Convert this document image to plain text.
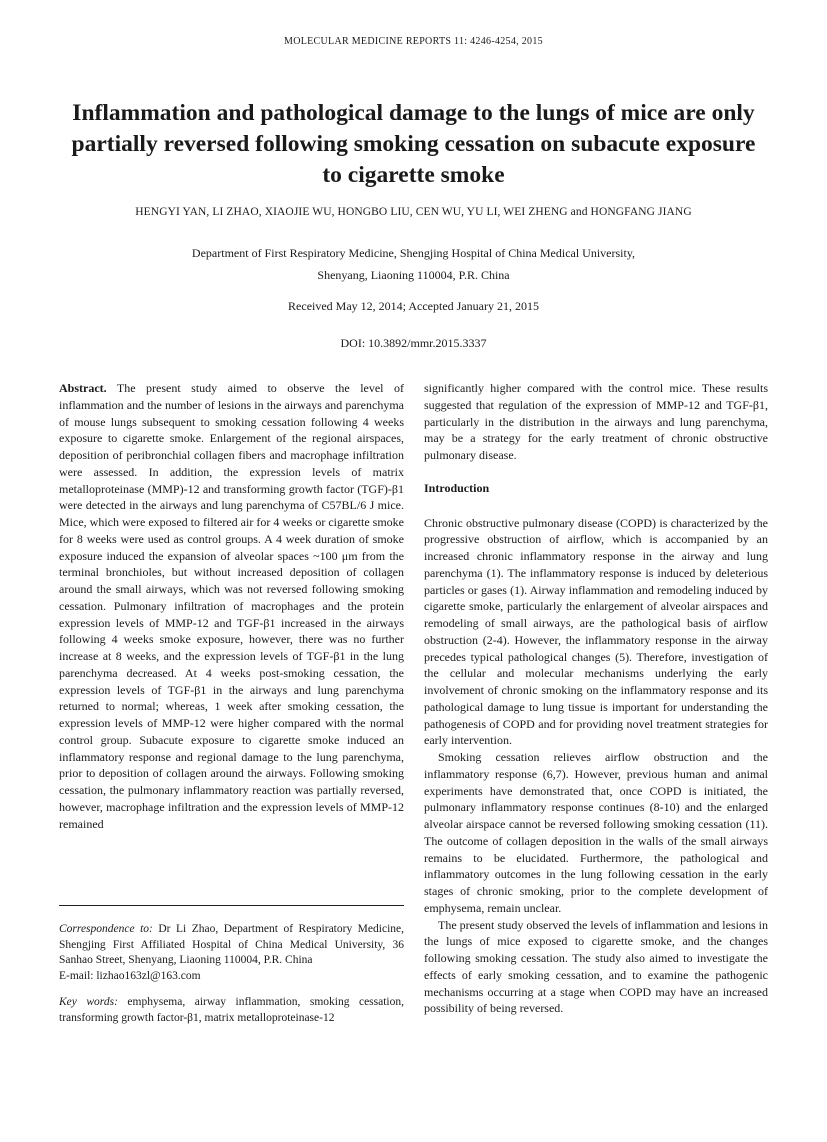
MOLECULAR MEDICINE REPORTS 11: 4246-4254, 2015
Inflammation and pathological damage to the lungs of mice are only partially reversed following smoking cessation on subacute exposure to cigarette smoke
HENGYI YAN, LI ZHAO, XIAOJIE WU, HONGBO LIU, CEN WU, YU LI, WEI ZHENG and HONGFANG JIANG
Department of First Respiratory Medicine, Shengjing Hospital of China Medical University,
Shenyang, Liaoning 110004, P.R. China
Received May 12, 2014; Accepted January 21, 2015
DOI: 10.3892/mmr.2015.3337

Abstract. The present study aimed to observe the level of inflammation and the number of lesions in the airways and parenchyma of mouse lungs subsequent to smoking cessation following 4 weeks exposure to cigarette smoke. Enlargement of the regional airspaces, deposition of peribronchial collagen fibers and macrophage infiltration were assessed. In addition, the expression levels of matrix metalloproteinase (MMP)-12 and transforming growth factor (TGF)-β1 were detected in the airways and lung parenchyma of C57BL/6 J mice. Mice, which were exposed to filtered air for 4 weeks or cigarette smoke for 8 weeks were used as control groups. A 4 week duration of smoke exposure induced the expansion of alveolar spaces ~100 μm from the terminal bronchioles, but without increased deposition of collagen around the small airways, which was not reversed following smoking cessation. Pulmonary infiltration of macrophages and the protein expression levels of MMP-12 and TGF-β1 increased in the airways following 4 weeks smoke exposure, however, there was no further increase at 8 weeks, and the expression levels of TGF-β1 in the lung parenchyma decreased. At 4 weeks post-smoking cessation, the expression levels of TGF-β1 in the airways and lung parenchyma returned to normal; whereas, 1 week after smoking cessation, the expression levels of MMP-12 were higher compared with the normal control group. Subacute exposure to cigarette smoke induced an inflammatory response and regional damage to the lung parenchyma, prior to deposition of collagen around the airways. Following smoking cessation, the pulmonary inflammatory reaction was partially reversed, however, macrophage infiltration and the expression levels of MMP-12 remained

Correspondence to: Dr Li Zhao, Department of Respiratory Medicine, Shengjing First Affiliated Hospital of China Medical University, 36 Sanhao Street, Shenyang, Liaoning 110004, P.R. China

E-mail: lizhao163zl@163.com

Key words: emphysema, airway inflammation, smoking cessation, transforming growth factor-β1, matrix metalloproteinase-12

significantly higher compared with the control mice. These results suggested that regulation of the expression of MMP-12 and TGF-β1, particularly in the distribution in the airways and lung parenchyma, may be a strategy for the early treatment of chronic obstructive pulmonary disease.

Introduction

Chronic obstructive pulmonary disease (COPD) is characterized by the progressive obstruction of airflow, which is accompanied by an increased chronic inflammatory response in the airway and lung parenchyma (1). The inflammatory response is induced by deleterious particles or gases (1). Airway inflammation and remodeling induced by cigarette smoke, particularly the enlargement of alveolar airspaces and remodeling of small airways, are the pathological basis of airflow obstruction (2-4). However, the inflammatory response in the airway precedes typical pathological changes (5). Therefore, investigation of the cellular and molecular mechanisms underlying the early involvement of chronic smoking on the inflammatory response and its pathological damage to lung tissue is important for understanding the pathogenesis of COPD and for providing novel treatment strategies for early intervention.

Smoking cessation relieves airflow obstruction and the inflammatory response (6,7). However, previous human and animal experiments have demonstrated that, once COPD is initiated, the pulmonary inflammatory response continues (8-10) and the enlarged alveolar airspace cannot be reversed following smoking cessation (11). The outcome of collagen deposition in the walls of the small airways remains to be elucidated. Furthermore, the pathological and inflammatory outcomes in the lung following cessation in the early stages of chronic smoking, prior to the complete development of emphysema, remain unclear.

The present study observed the levels of inflammation and lesions in the lungs of mice exposed to cigarette smoke, and the changes following smoking cessation. The study also aimed to investigate the effects of early smoking cessation, and to examine the pathogenic mechanisms occurring at a stage when COPD may have an increased possibility of being reversed.
